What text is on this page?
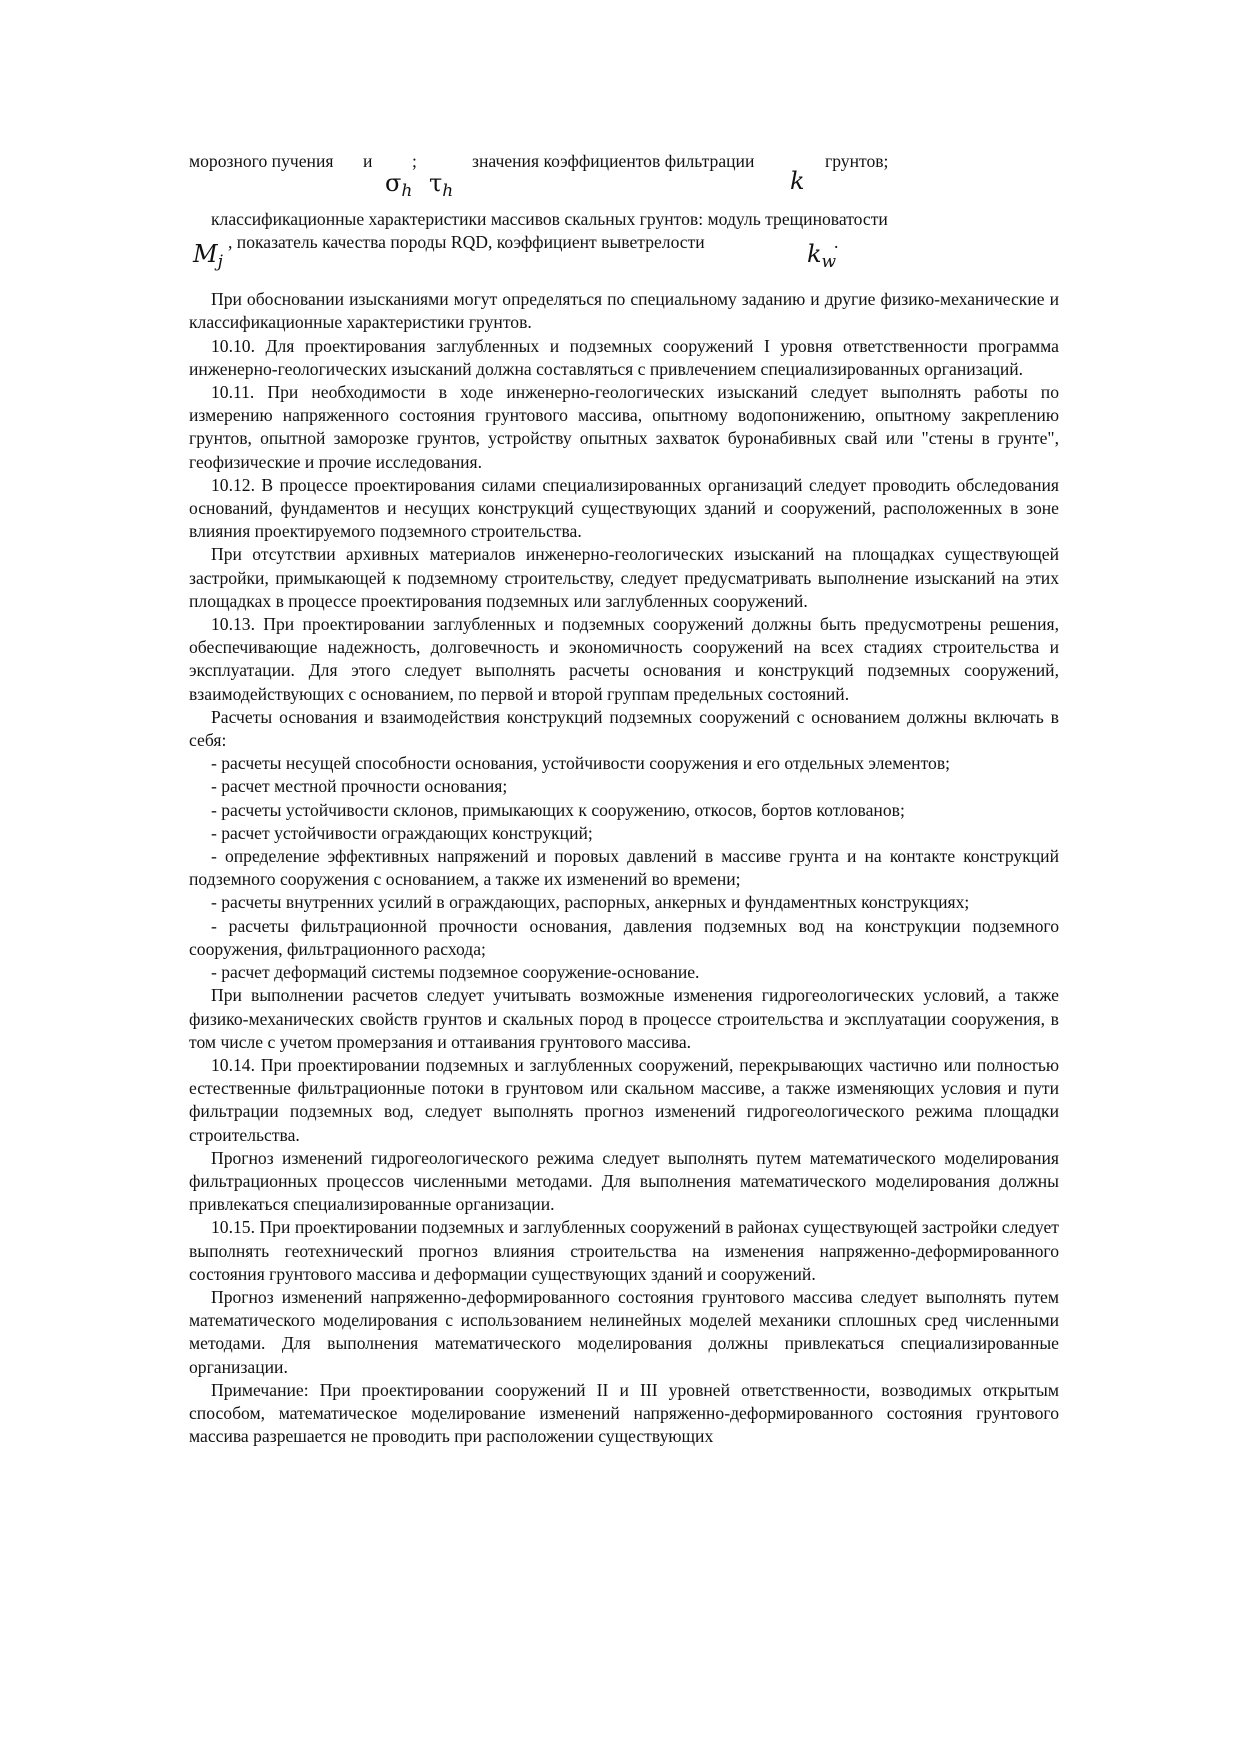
морозного пучения и ;	значения коэффициентов фильтрации	грунтов;
$\sigma_h$ $\tau_h$	k

классификационные характеристики массивов скальных грунтов: модуль трещиноватости

, показатель качества породы RQD, коэффициент выветрелости	.
$M_j$	$k_w$

При обосновании изысканиями могут определяться по специальному заданию и другие физико-механические и классификационные характеристики грунтов.

10.10. Для проектирования заглубленных и подземных сооружений I уровня ответственности программа инженерно-геологических изысканий должна составляться с привлечением специализированных организаций.

10.11. При необходимости в ходе инженерно-геологических изысканий следует выполнять работы по измерению напряженного состояния грунтового массива, опытному водопонижению, опытному закреплению грунтов, опытной заморозке грунтов, устройству опытных захваток буронабивных свай или "стены в грунте", геофизические и прочие исследования.

10.12. В процессе проектирования силами специализированных организаций следует проводить обследования оснований, фундаментов и несущих конструкций существующих зданий и сооружений, расположенных в зоне влияния проектируемого подземного строительства.

При отсутствии архивных материалов инженерно-геологических изысканий на площадках существующей застройки, примыкающей к подземному строительству, следует предусматривать выполнение изысканий на этих площадках в процессе проектирования подземных или заглубленных сооружений.

10.13. При проектировании заглубленных и подземных сооружений должны быть предусмотрены решения, обеспечивающие надежность, долговечность и экономичность сооружений на всех стадиях строительства и эксплуатации. Для этого следует выполнять расчеты основания и конструкций подземных сооружений, взаимодействующих с основанием, по первой и второй группам предельных состояний.

Расчеты основания и взаимодействия конструкций подземных сооружений с основанием должны включать в себя:

- расчеты несущей способности основания, устойчивости сооружения и его отдельных элементов;

- расчет местной прочности основания;

- расчеты устойчивости склонов, примыкающих к сооружению, откосов, бортов котлованов;

- расчет устойчивости ограждающих конструкций;

- определение эффективных напряжений и поровых давлений в массиве грунта и на контакте конструкций подземного сооружения с основанием, а также их изменений во времени;

- расчеты внутренних усилий в ограждающих, распорных, анкерных и фундаментных конструкциях;

- расчеты фильтрационной прочности основания, давления подземных вод на конструкции подземного сооружения, фильтрационного расхода;

- расчет деформаций системы подземное сооружение-основание.

При выполнении расчетов следует учитывать возможные изменения гидрогеологических условий, а также физико-механических свойств грунтов и скальных пород в процессе строительства и эксплуатации сооружения, в том числе с учетом промерзания и оттаивания грунтового массива.

10.14. При проектировании подземных и заглубленных сооружений, перекрывающих частично или полностью естественные фильтрационные потоки в грунтовом или скальном массиве, а также изменяющих условия и пути фильтрации подземных вод, следует выполнять прогноз изменений гидрогеологического режима площадки строительства.

Прогноз изменений гидрогеологического режима следует выполнять путем математического моделирования фильтрационных процессов численными методами. Для выполнения математического моделирования должны привлекаться специализированные организации.

10.15. При проектировании подземных и заглубленных сооружений в районах существующей застройки следует выполнять геотехнический прогноз влияния строительства на изменения напряженно-деформированного состояния грунтового массива и деформации существующих зданий и сооружений.

Прогноз изменений напряженно-деформированного состояния грунтового массива следует выполнять путем математического моделирования с использованием нелинейных моделей механики сплошных сред численными методами. Для выполнения математического моделирования должны привлекаться специализированные организации.

Примечание: При проектировании сооружений II и III уровней ответственности, возводимых открытым способом, математическое моделирование изменений напряженно-деформированного состояния грунтового массива разрешается не проводить при расположении существующих
